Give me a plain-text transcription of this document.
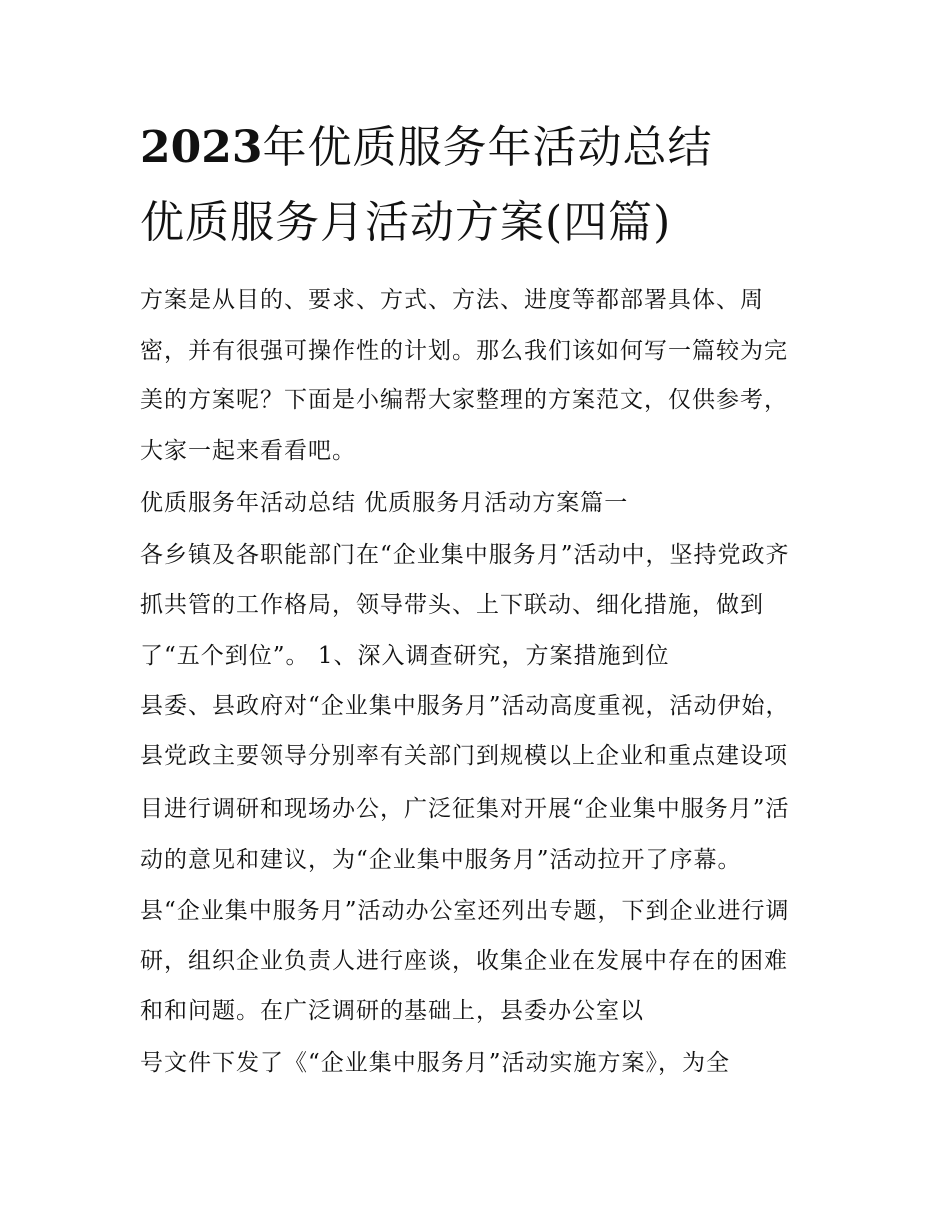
2023年优质服务年活动总结
优质服务月活动方案(四篇)
方案是从目的、要求、方式、方法、进度等都部署具体、周
密，并有很强可操作性的计划。那么我们该如何写一篇较为完
美的方案呢？下面是小编帮大家整理的方案范文，仅供参考，
大家一起来看看吧。
优质服务年活动总结 优质服务月活动方案篇一
各乡镇及各职能部门在“企业集中服务月”活动中，坚持党政齐
抓共管的工作格局，领导带头、上下联动、细化措施，做到
了“五个到位”。 1、深入调查研究，方案措施到位
县委、县政府对“企业集中服务月”活动高度重视，活动伊始，
县党政主要领导分别率有关部门到规模以上企业和重点建设项
目进行调研和现场办公，广泛征集对开展“企业集中服务月”活
动的意见和建议，为“企业集中服务月”活动拉开了序幕。
县“企业集中服务月”活动办公室还列出专题，下到企业进行调
研，组织企业负责人进行座谈，收集企业在发展中存在的困难
和和问题。在广泛调研的基础上，县委办公室以
号文件下发了《“企业集中服务月”活动实施方案》，为全
